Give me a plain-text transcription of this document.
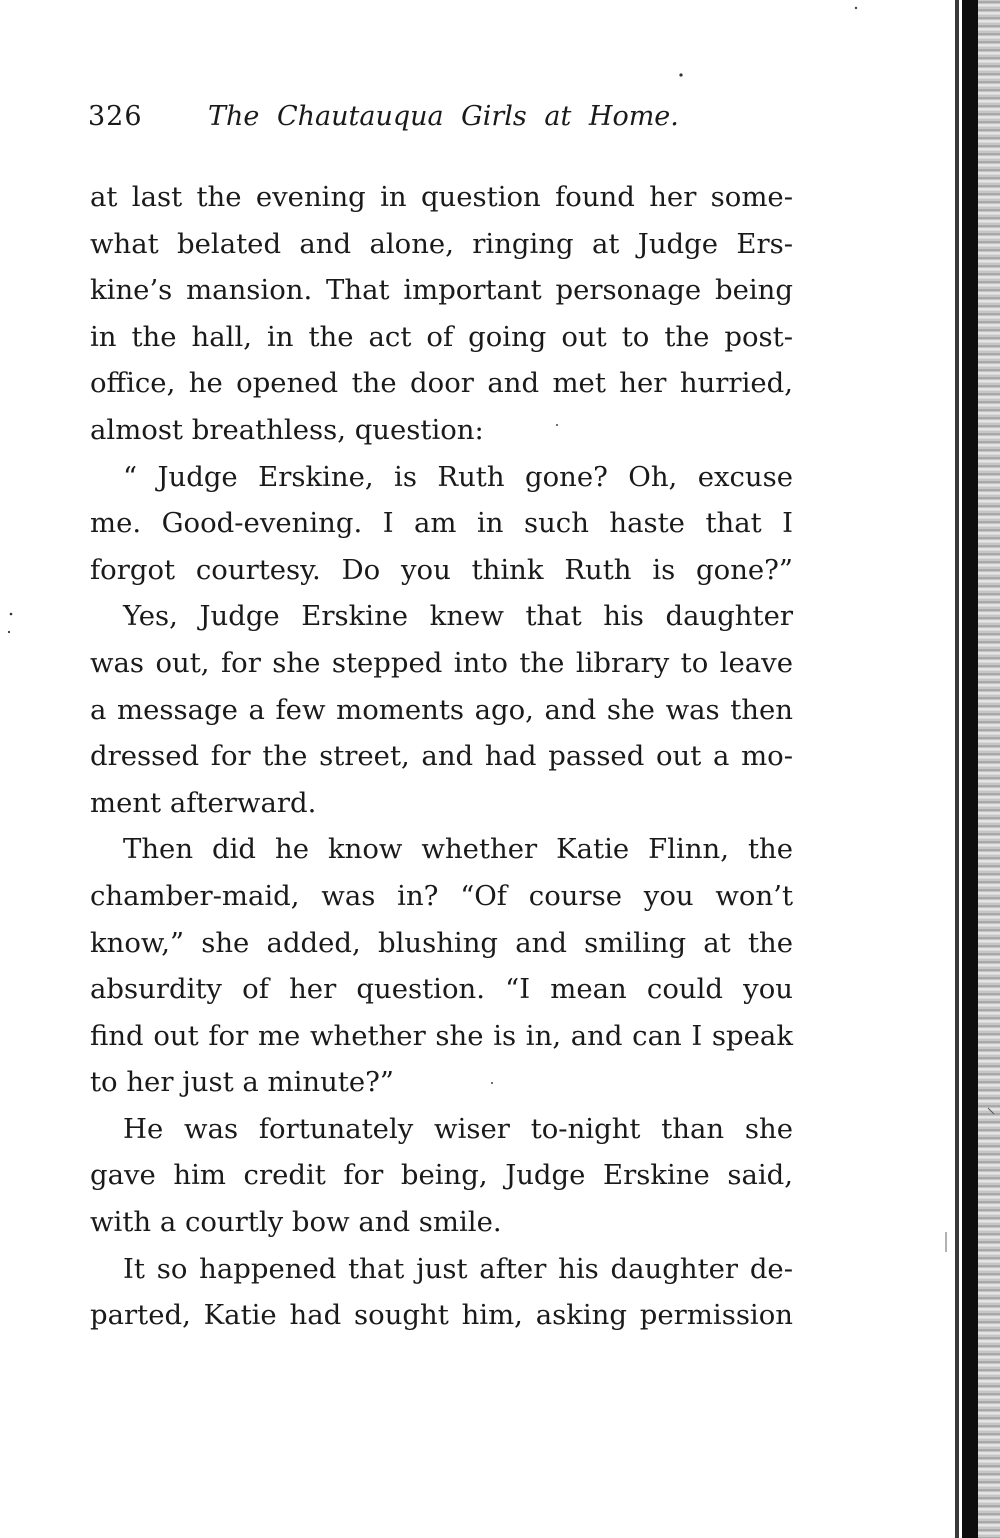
326 The Chautauqua Girls at Home.
at last the evening in question found her some-
what belated and alone, ringing at Judge Ers-
kine’s mansion. That important personage being
in the hall, in the act of going out to the post-
office, he opened the door and met her hurried,
almost breathless, question:
“ Judge Erskine, is Ruth gone? Oh, excuse
me. Good-evening. I am in such haste that I
forgot courtesy. Do you think Ruth is gone?”
Yes, Judge Erskine knew that his daughter
was out, for she stepped into the library to leave
a message a few moments ago, and she was then
dressed for the street, and had passed out a mo-
ment afterward.
Then did he know whether Katie Flinn, the
chamber-maid, was in? “Of course you won’t
know,” she added, blushing and smiling at the
absurdity of her question. “I mean could you
find out for me whether she is in, and can I speak
to her just a minute?”
He was fortunately wiser to-night than she
gave him credit for being, Judge Erskine said,
with a courtly bow and smile.
It so happened that just after his daughter de-
parted, Katie had sought him, asking permission
